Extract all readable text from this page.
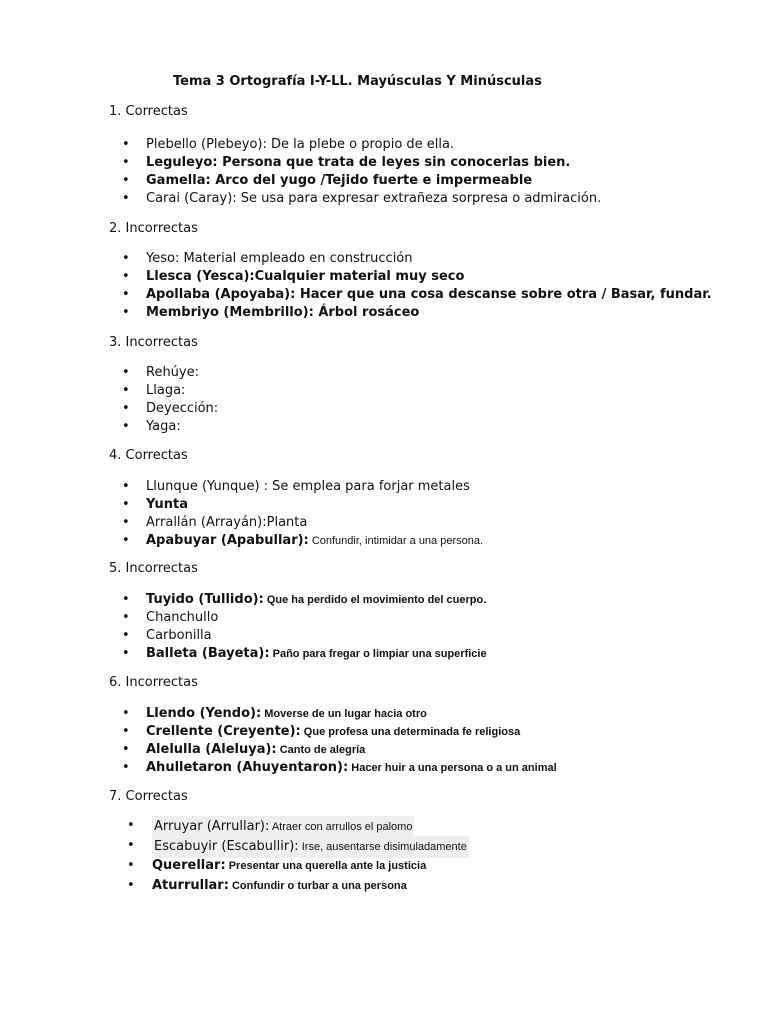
Tema 3 Ortografía I-Y-LL. Mayúsculas Y Minúsculas
1. Correctas
• Plebello (Plebeyo): De la plebe o propio de ella.
• Leguleyo: Persona que trata de leyes sin conocerlas bien.
• Gamella: Arco del yugo /Tejido fuerte e impermeable
• Carai (Caray): Se usa para expresar extrañeza sorpresa o admiración.
2. Incorrectas
• Yeso: Material empleado en construcción
• Llesca (Yesca):Cualquier material muy seco
• Apollaba (Apoyaba): Hacer que una cosa descanse sobre otra / Basar, fundar.
• Membriyo (Membrillo): Árbol rosáceo
3. Incorrectas
• Rehúye:
• Llaga:
• Deyección:
• Yaga:
4. Correctas
• Llunque (Yunque) : Se emplea para forjar metales
• Yunta
• Arrallán (Arrayán):Planta
• Apabuyar (Apabullar): Confundir, intimidar a una persona.
5. Incorrectas
• Tuyido (Tullido): Que ha perdido el movimiento del cuerpo.
• Chanchullo
• Carbonilla
• Balleta (Bayeta): Paño para fregar o limpiar una superficie
6. Incorrectas
• Llendo (Yendo): Moverse de un lugar hacia otro
• Crellente (Creyente): Que profesa una determinada fe religiosa
• Alelulla (Aleluya): Canto de alegría
• Ahulletaron (Ahuyentaron): Hacer huir a una persona o a un animal
7. Correctas
• Arruyar (Arrullar): Atraer con arrullos el palomo
• Escabuyir (Escabullir): Irse, ausentarse disimuladamente
• Querellar: Presentar una querella ante la justicia
• Aturrullar: Confundir o turbar a una persona
